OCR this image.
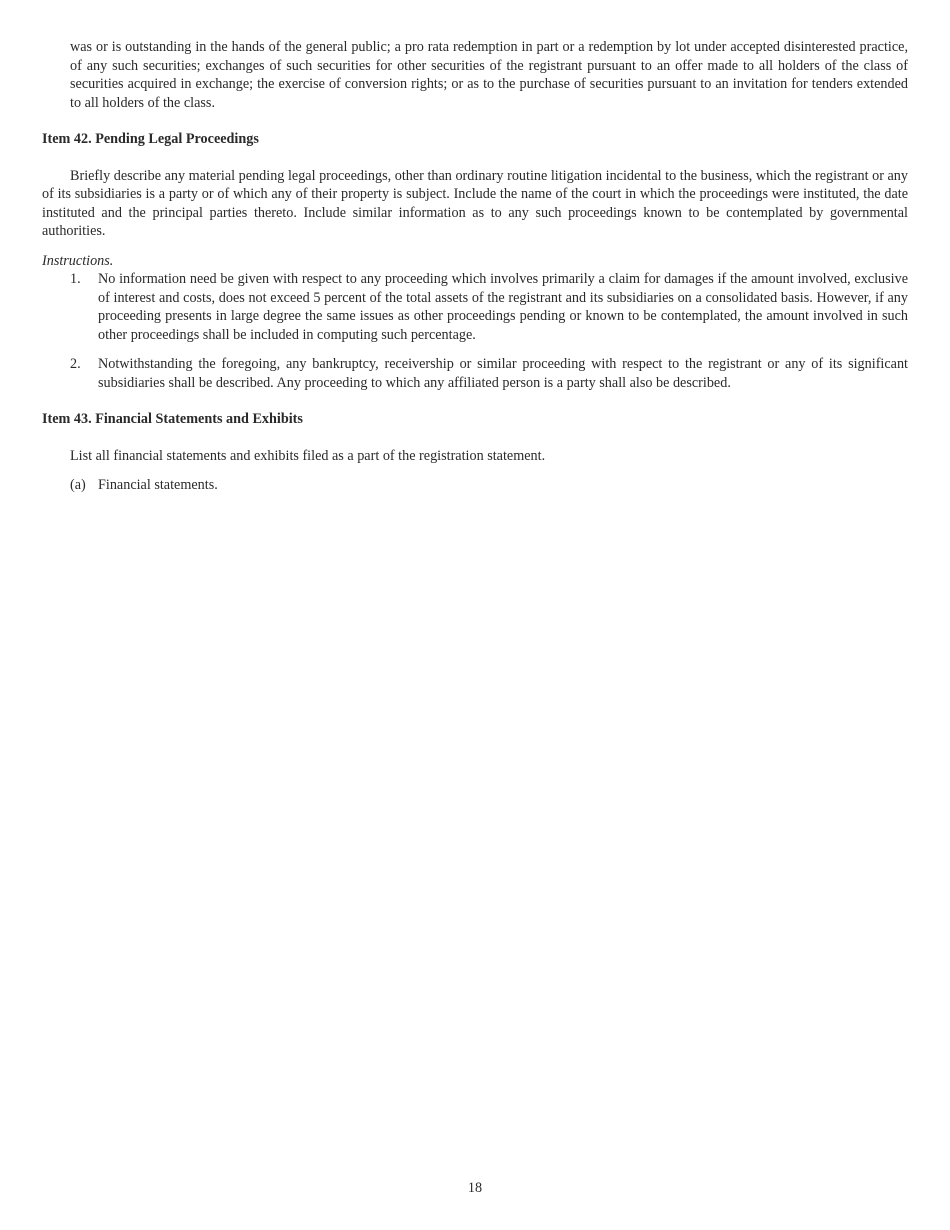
was or is outstanding in the hands of the general public; a pro rata redemption in part or a redemption by lot under accepted disinterested practice, of any such securities; exchanges of such securities for other securities of the registrant pursuant to an offer made to all holders of the class of securities acquired in exchange; the exercise of conversion rights; or as to the purchase of securities pursuant to an invitation for tenders extended to all holders of the class.

Item 42. Pending Legal Proceedings

Briefly describe any material pending legal proceedings, other than ordinary routine litigation incidental to the business, which the registrant or any of its subsidiaries is a party or of which any of their property is subject. Include the name of the court in which the proceedings were instituted, the date instituted and the principal parties thereto. Include similar information as to any such proceedings known to be contemplated by governmental authorities.

Instructions.

1.	No information need be given with respect to any proceeding which involves primarily a claim for damages if the amount involved, exclusive of interest and costs, does not exceed 5 percent of the total assets of the registrant and its subsidiaries on a consolidated basis. However, if any proceeding presents in large degree the same issues as other proceedings pending or known to be contemplated, the amount involved in such other proceedings shall be included in computing such percentage.
2.	Notwithstanding the foregoing, any bankruptcy, receivership or similar proceeding with respect to the registrant or any of its significant subsidiaries shall be described. Any proceeding to which any affiliated person is a party shall also be described.

Item 43. Financial Statements and Exhibits

List all financial statements and exhibits filed as a part of the registration statement.

(a) Financial statements.
18
